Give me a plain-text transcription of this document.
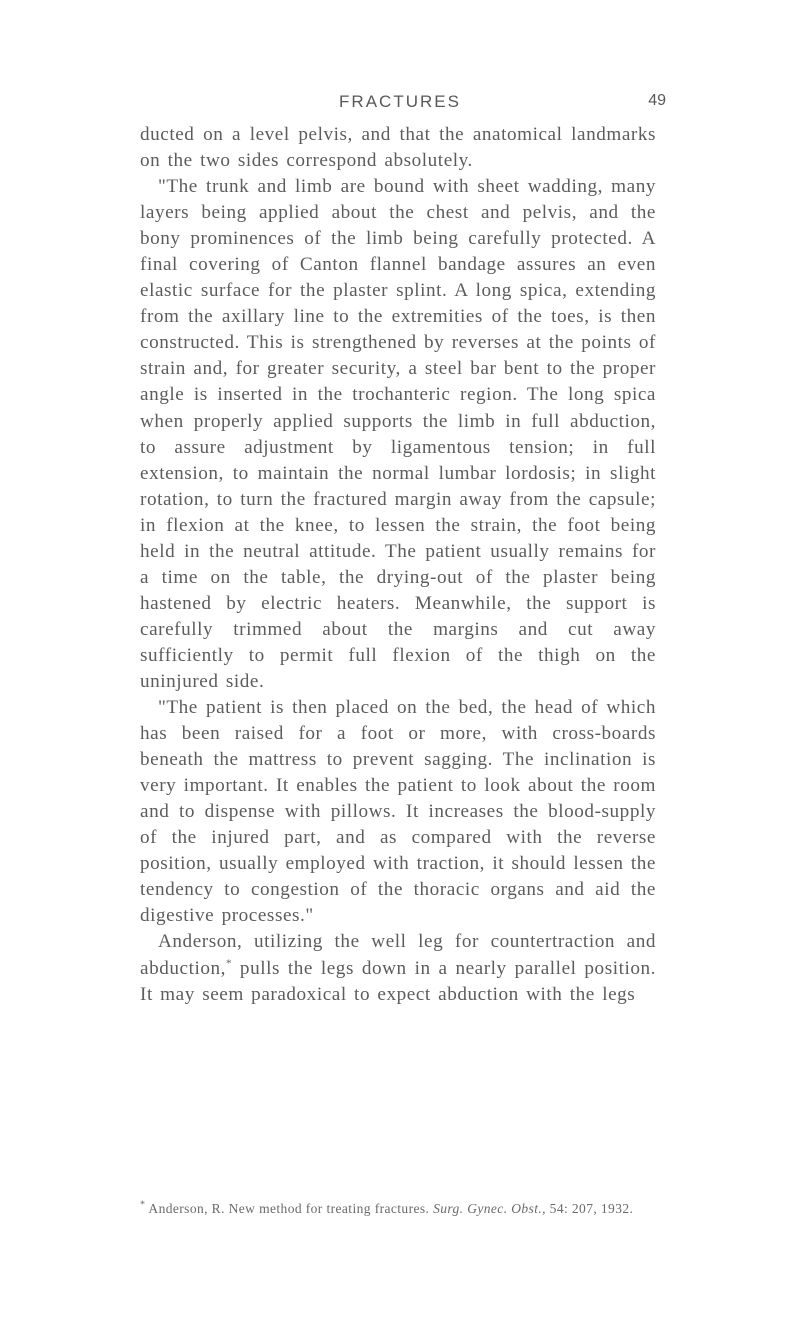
FRACTURES	49

ducted on a level pelvis, and that the anatomical landmarks on the two sides correspond absolutely.

"The trunk and limb are bound with sheet wadding, many layers being applied about the chest and pelvis, and the bony prominences of the limb being carefully protected. A final covering of Canton flannel bandage assures an even elastic surface for the plaster splint. A long spica, extending from the axillary line to the extremities of the toes, is then constructed. This is strengthened by reverses at the points of strain and, for greater security, a steel bar bent to the proper angle is inserted in the trochanteric region. The long spica when properly applied supports the limb in full abduction, to assure adjustment by ligamentous tension; in full extension, to maintain the normal lumbar lordosis; in slight rotation, to turn the fractured margin away from the capsule; in flexion at the knee, to lessen the strain, the foot being held in the neutral attitude. The patient usually remains for a time on the table, the drying-out of the plaster being hastened by electric heaters. Meanwhile, the support is carefully trimmed about the margins and cut away sufficiently to permit full flexion of the thigh on the uninjured side.

"The patient is then placed on the bed, the head of which has been raised for a foot or more, with cross-boards beneath the mattress to prevent sagging. The inclination is very important. It enables the patient to look about the room and to dispense with pillows. It increases the blood-supply of the injured part, and as compared with the reverse position, usually employed with traction, it should lessen the tendency to congestion of the thoracic organs and aid the digestive processes."

Anderson, utilizing the well leg for countertraction and abduction,* pulls the legs down in a nearly parallel position. It may seem paradoxical to expect abduction with the legs

* Anderson, R. New method for treating fractures. Surg. Gynec. Obst., 54: 207, 1932.
